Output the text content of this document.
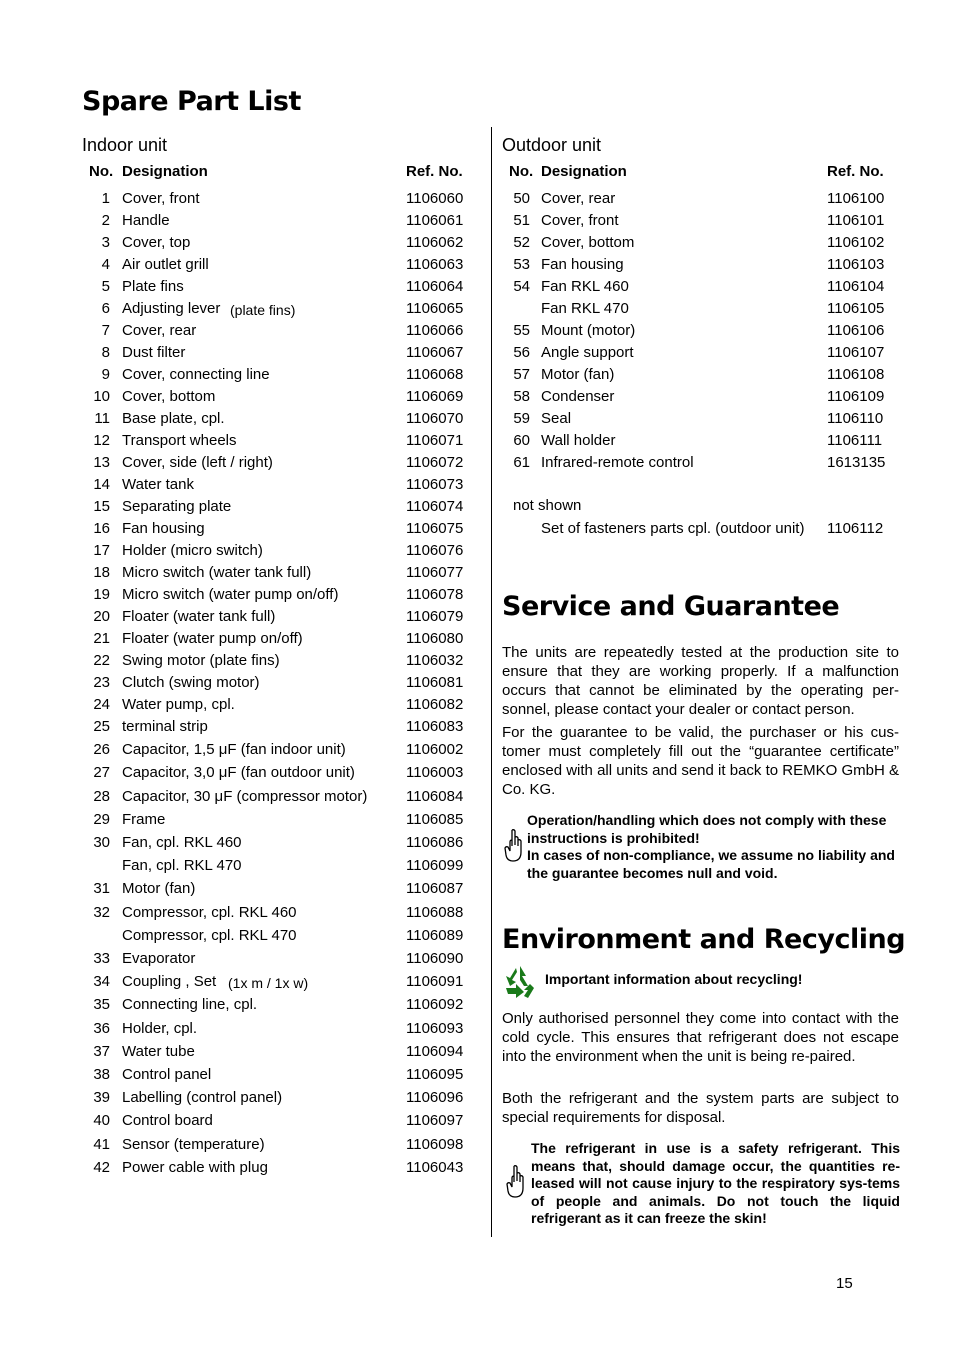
Spare Part List
Indoor unit
No. Designation	Ref. No.
1 Cover, front	1106060
2 Handle	1106061
3 Cover, top	1106062
4 Air outlet grill	1106063
5 Plate fins	1106064
6 Adjusting lever (plate fins)	1106065
7 Cover, rear	1106066
8 Dust filter	1106067
9 Cover, connecting line	1106068
10 Cover, bottom	1106069
11 Base plate, cpl.	1106070
12 Transport wheels	1106071
13 Cover, side (left / right)	1106072
14 Water tank	1106073
15 Separating plate	1106074
16 Fan housing	1106075
17 Holder (micro switch)	1106076
18 Micro switch (water tank full)	1106077
19 Micro switch (water pump on/off)	1106078
20 Floater (water tank full)	1106079
21 Floater (water pump on/off)	1106080
22 Swing motor (plate fins)	1106032
23 Clutch (swing motor)	1106081
24 Water pump, cpl.	1106082
25 terminal strip	1106083
26 Capacitor, 1,5 μF (fan indoor unit)	1106002
27 Capacitor, 3,0 μF (fan outdoor unit)	1106003
28 Capacitor, 30 μF (compressor motor)	1106084
29 Frame	1106085
30 Fan, cpl. RKL 460	1106086
Fan, cpl. RKL 470	1106099
31 Motor (fan)	1106087
32 Compressor, cpl. RKL 460	1106088
Compressor, cpl. RKL 470	1106089
33 Evaporator	1106090
34 Coupling , Set (1x m / 1x w)	1106091
35 Connecting line, cpl.	1106092
36 Holder, cpl.	1106093
37 Water tube	1106094
38 Control panel	1106095
39 Labelling (control panel)	1106096
40 Control board	1106097
41 Sensor (temperature)	1106098
42 Power cable with plug	1106043
Outdoor unit
No. Designation	Ref. No.
50 Cover, rear	1106100
51 Cover, front	1106101
52 Cover, bottom	1106102
53 Fan housing	1106103
54 Fan RKL 460	1106104
Fan RKL 470	1106105
55 Mount (motor)	1106106
56 Angle support	1106107
57 Motor (fan)	1106108
58 Condenser	1106109
59 Seal	1106110
60 Wall holder	1106111
61 Infrared-remote control	1613135
not shown
Set of fasteners parts cpl. (outdoor unit) 1106112
Service and Guarantee
The units are repeatedly tested at the production site to ensure that they are working properly. If a malfunction occurs that cannot be eliminated by the operating per-sonnel, please contact your dealer or contact person.
For the guarantee to be valid, the purchaser or his cus-tomer must completely fill out the “guarantee certificate” enclosed with all units and send it back to REMKO GmbH & Co. KG.
Operation/handling which does not comply with these instructions is prohibited!
In cases of non-compliance, we assume no liability and the guarantee becomes null and void.
Environment and Recycling
Important information about recycling!
Only authorised personnel they come into contact with the cold cycle. This ensures that refrigerant does not escape into the environment when the unit is being re-paired.
Both the refrigerant and the system parts are subject to special requirements for disposal.
The refrigerant in use is a safety refrigerant. This means that, should damage occur, the quantities re-leased will not cause injury to the respiratory sys-tems of people and animals. Do not touch the liquid refrigerant as it can freeze the skin!
15
